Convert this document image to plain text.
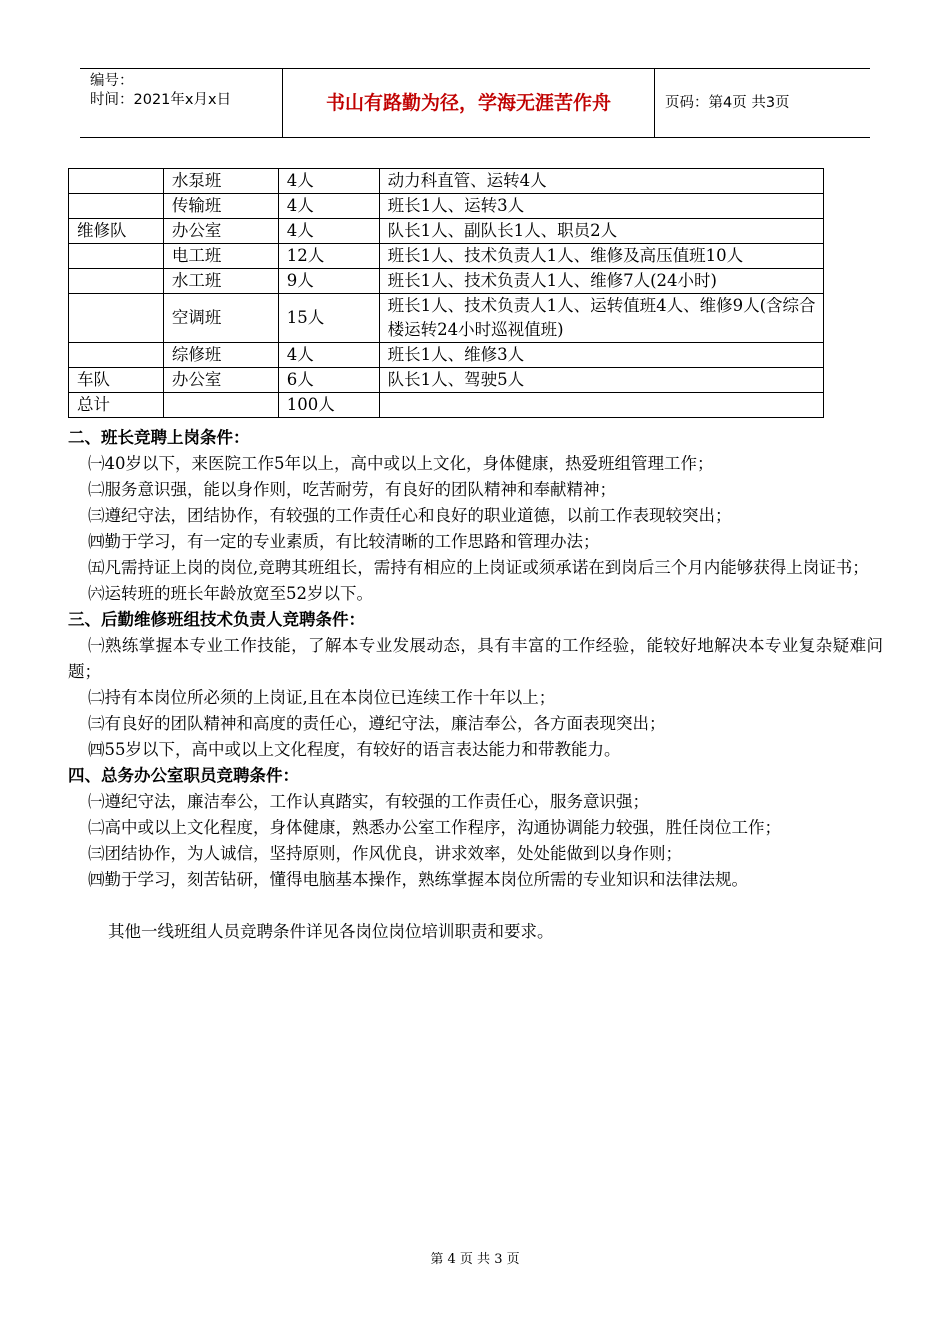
编号：
时间：2021年x月x日	书山有路勤为径，学海无涯苦作舟	页码：第4页 共3页
	水泵班	4人	动力科直管、运转4人
	传输班	4人	班长1人、运转3人
维修队	办公室	4人	队长1人、副队长1人、职员2人
	电工班	12人	班长1人、技术负责人1人、维修及高压值班10人
	水工班	9人	班长1人、技术负责人1人、维修7人(24小时)
	空调班	15人	班长1人、技术负责人1人、运转值班4人、维修9人(含综合楼运转24小时巡视值班)
	综修班	4人	班长1人、维修3人
车队	办公室	6人	队长1人、驾驶5人
总计		100人	
二、班长竞聘上岗条件：
㈠40岁以下，来医院工作5年以上，高中或以上文化，身体健康，热爱班组管理工作；
㈡服务意识强，能以身作则，吃苦耐劳，有良好的团队精神和奉献精神；
㈢遵纪守法，团结协作，有较强的工作责任心和良好的职业道德，以前工作表现较突出；
㈣勤于学习，有一定的专业素质，有比较清晰的工作思路和管理办法；
㈤凡需持证上岗的岗位,竞聘其班组长，需持有相应的上岗证或须承诺在到岗后三个月内能够获得上岗证书；
㈥运转班的班长年龄放宽至52岁以下。
三、后勤维修班组技术负责人竞聘条件：
㈠熟练掌握本专业工作技能，了解本专业发展动态，具有丰富的工作经验，能较好地解决本专业复杂疑难问题；
㈡持有本岗位所必须的上岗证,且在本岗位已连续工作十年以上；
㈢有良好的团队精神和高度的责任心，遵纪守法，廉洁奉公，各方面表现突出；
㈣55岁以下，高中或以上文化程度，有较好的语言表达能力和带教能力。
四、总务办公室职员竞聘条件：
㈠遵纪守法，廉洁奉公，工作认真踏实，有较强的工作责任心，服务意识强；
㈡高中或以上文化程度，身体健康，熟悉办公室工作程序，沟通协调能力较强，胜任岗位工作；
㈢团结协作，为人诚信，坚持原则，作风优良，讲求效率，处处能做到以身作则；
㈣勤于学习，刻苦钻研，懂得电脑基本操作，熟练掌握本岗位所需的专业知识和法律法规。
其他一线班组人员竞聘条件详见各岗位岗位培训职责和要求。
第 4 页 共 3 页
